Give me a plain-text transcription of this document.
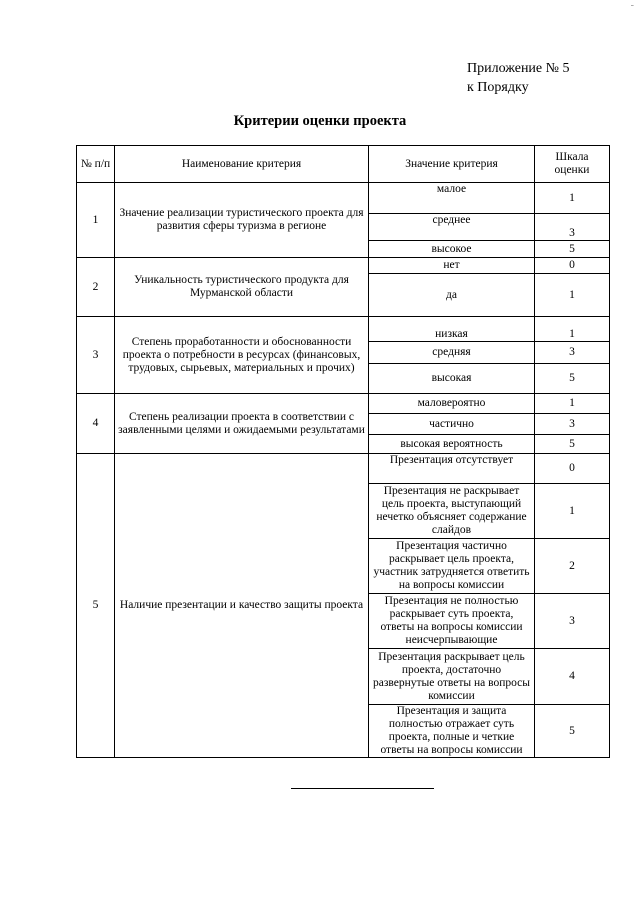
-
Приложение № 5
к Порядку
Критерии оценки проекта
№ п/п	Наименование критерия	Значение критерия	Шкала оценки
1	Значение реализации туристического проекта для развития сферы туризма в регионе	малое	1
		среднее	3
		высокое	5
2	Уникальность туристического продукта для Мурманской области	нет	0
		да	1
3	Степень проработанности и обоснованности проекта о потребности в ресурсах (финансовых, трудовых, сырьевых, материальных и прочих)	низкая	1
		средняя	3
		высокая	5
4	Степень реализации проекта в соответствии с заявленными целями и ожидаемыми результатами	маловероятно	1
		частично	3
		высокая вероятность	5
5	Наличие презентации и качество защиты проекта	Презентация отсутствует	0
		Презентация не раскрывает цель проекта, выступающий нечетко объясняет содержание слайдов	1
		Презентация частично раскрывает цель проекта, участник затрудняется ответить на вопросы комиссии	2
		Презентация не полностью раскрывает суть проекта, ответы на вопросы комиссии неисчерпывающие	3
		Презентация раскрывает цель проекта, достаточно развернутые ответы на вопросы комиссии	4
		Презентация и защита полностью отражает суть проекта, полные и четкие ответы на вопросы комиссии	5
